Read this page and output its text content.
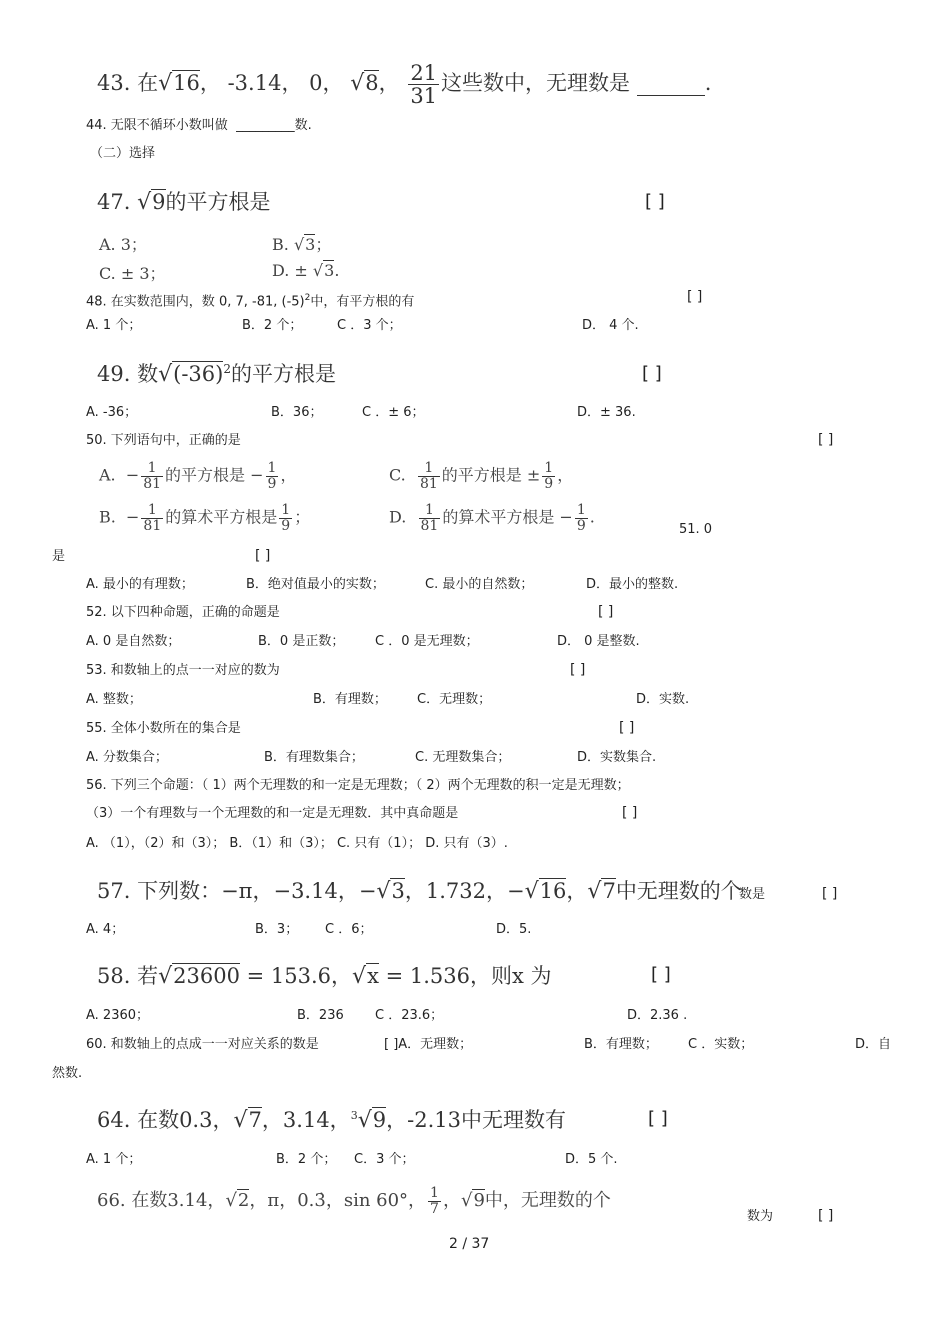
43. 在√16， -3.14， 0， √8， $\frac{21}{31}$ 这些数中，无理数是	.
44. 无限不循环小数叫做 _________数.
（二）选择
47. √9的平方根是	[ ]
A. 3；	B. √3；
C. ± 3；	D. ± √3.
48. 在实数范围内，数 0, 7, -81, $(-5)^2$中，有平方根的有	[ ]
A. 1 个；	B．2 个；	C ．3 个；	D． 4 个.
49. 数$√(-36)^2$的平方根是	[ ]
A. -36；	B．36；	C ．± 6；	D．± 36.
50. 下列语句中，正确的是	[ ]
A. − $\frac{1}{81}$ 的平方根是 − $\frac{1}{9}$ ，	C. $\frac{1}{81}$ 的平方根是 ± $\frac{1}{9}$ ，
B. − $\frac{1}{81}$ 的算术平方根是 $\frac{1}{9}$ ；	D. $\frac{1}{81}$ 的算术平方根是 − $\frac{1}{9}$ .
51. 0
是	[ ]
A. 最小的有理数；	B．绝对值最小的实数；	C. 最小的自然数；	D．最小的整数.
52. 以下四种命题，正确的命题是	[ ]
A. 0 是自然数；	B．0 是正数； C ．0 是无理数；	D． 0 是整数.
53. 和数轴上的点一一对应的数为	[ ]
A. 整数；	B．有理数； C．无理数；	D．实数.
55. 全体小数所在的集合是	[ ]
A. 分数集合；	B．有理数集合；	C. 无理数集合；	D．实数集合.
56. 下列三个命题：（ 1）两个无理数的和一定是无理数；（ 2）两个无理数的积一定是无理数；
（3）一个有理数与一个无理数的和一定是无理数．其中真命题是	[ ]
A. （1），（2）和（3）； B．（1）和（3）； C. 只有（1）； D. 只有（3）.
57. 下列数：−π，−3.14，−√3，1.732，−√16，√7中无理数的个
数是	[ ]
A. 4；	B．3； C ．6；	D．5.
58. 若√23600 = 153.6，√x = 1.536，则x 为	[ ]
A. 2360；	B．236 C ．23.6；	D．2.36 .
60. 和数轴上的点成一一对应关系的数是	[ ]A．无理数；	B．有理数； C ．实数；	D．自
然数.
64. 在数0.3，√7，3.14，$^3$√9，-2.13中无理数有	[ ]
A. 1 个；	B．2 个； C．3 个；	D．5 个.
66. 在数3.14，√2，π，0.3̇，sin 60°， $\frac{1}{7}$ ，√9中，无理数的个
数为	[ ]
2 / 37
